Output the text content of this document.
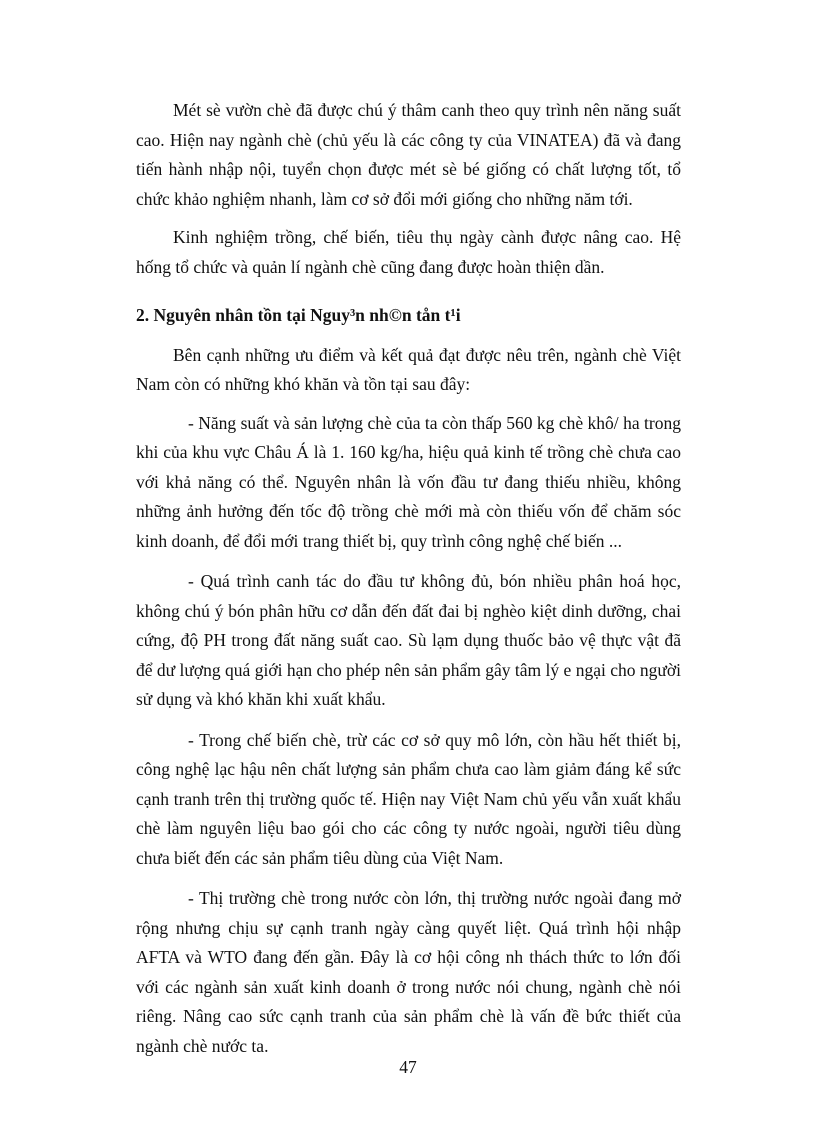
Mét sè vườn chè đã được chú ý thâm canh theo quy trình nên năng suất cao. Hiện nay ngành chè (chủ yếu là các công ty của VINATEA) đã và đang tiến hành nhập nội, tuyển chọn được mét sè bé giống có chất lượng tốt, tổ chức khảo nghiệm nhanh, làm cơ sở đổi mới giống cho những năm tới.

Kinh nghiệm trồng, chế biến, tiêu thụ ngày cành được nâng cao. Hệ hống tổ chức và quản lí ngành chè cũng đang được hoàn thiện dần.

2. Nguyên nhân tồn tại Nguy³n nh©n tån t¹i

Bên cạnh những ưu điểm và kết quả đạt được nêu trên, ngành chè Việt Nam còn có những khó khăn và tồn tại sau đây:

- Năng suất và sản lượng chè của ta còn thấp 560 kg chè khô/ ha trong khi của khu vực Châu Á là 1. 160 kg/ha, hiệu quả kinh tế trồng chè chưa cao với khả năng có thể. Nguyên nhân là vốn đầu tư đang thiếu nhiều, không những ảnh hưởng đến tốc độ trồng chè mới mà còn thiếu vốn để chăm sóc kinh doanh, để đổi mới trang thiết bị, quy trình công nghệ chế biến ...

- Quá trình canh tác do đầu tư không đủ, bón nhiều phân hoá học, không chú ý bón phân hữu cơ dẫn đến đất đai bị nghèo kiệt dinh dưỡng, chai cứng, độ PH trong đất năng suất cao. Sù lạm dụng thuốc bảo vệ thực vật đã để dư lượng quá giới hạn cho phép nên sản phẩm gây tâm lý e ngại cho người sử dụng và khó khăn khi xuất khẩu.

- Trong chế biến chè, trừ các cơ sở quy mô lớn, còn hầu hết thiết bị, công nghệ lạc hậu nên chất lượng sản phẩm chưa cao làm giảm đáng kể sức cạnh tranh trên thị trường quốc tế. Hiện nay Việt Nam chủ yếu vẫn xuất khẩu chè làm nguyên liệu bao gói cho các công ty nước ngoài, người tiêu dùng chưa biết đến các sản phẩm tiêu dùng của Việt Nam.

- Thị trường chè trong nước còn lớn, thị trường nước ngoài đang mở rộng nhưng chịu sự cạnh tranh ngày càng quyết liệt. Quá trình hội nhập AFTA và WTO đang đến gần. Đây là cơ hội công nh thách thức to lớn đối với các ngành sản xuất kinh doanh ở trong nước nói chung, ngành chè nói riêng. Nâng cao sức cạnh tranh của sản phẩm chè là vấn đề bức thiết của ngành chè nước ta.

47
